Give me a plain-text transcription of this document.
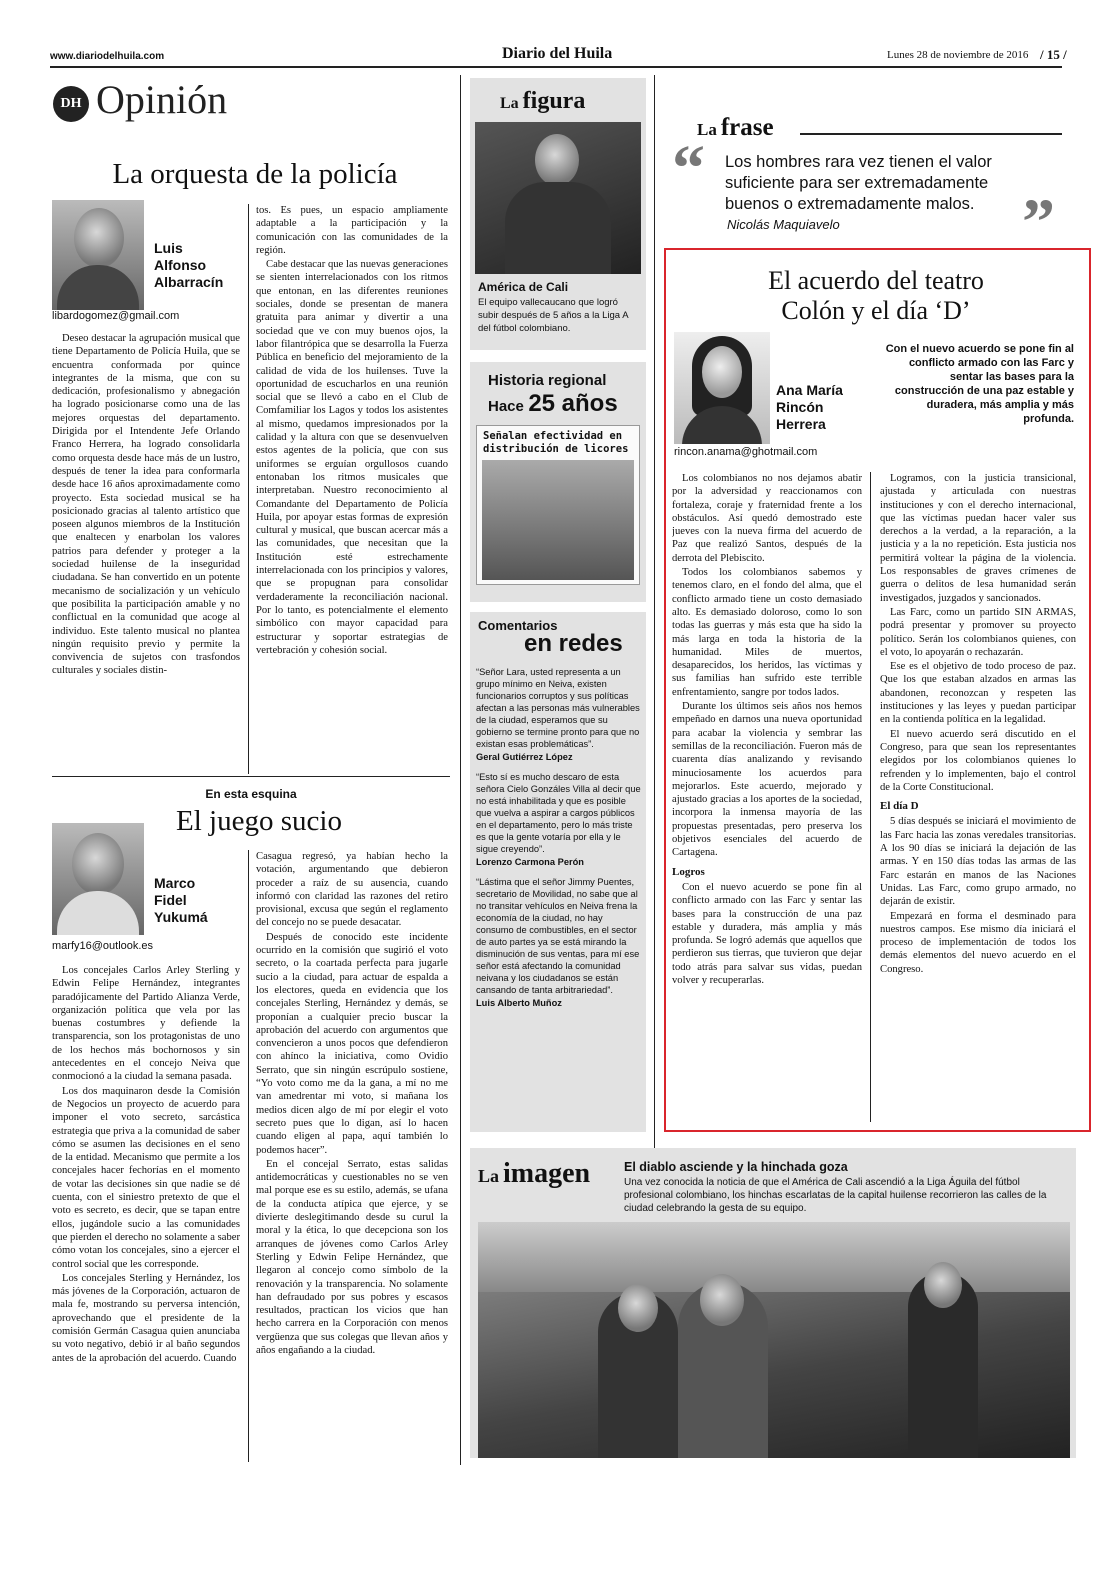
www.diariodelhuila.com	Diario del Huila	Lunes 28 de noviembre de 2016 / 15 /
DH Opinión
La orquesta de la policía
Luis
Alfonso
Albarracín
libardogomez@gmail.com

Deseo destacar la agrupación musical que tiene Departamento de Policía Huila, que se encuentra conformada por quince integrantes de la misma, que con su dedicación, profesionalismo y abnegación ha logrado posicionarse como una de las mejores orquestas del departamento. Dirigida por el Intendente Jefe Orlando Franco Herrera, ha logrado consolidarla como orquesta desde hace más de un lustro, después de tener la idea para conformarla desde hace 16 años aproximadamente como proyecto. Esta sociedad musical se ha posicionado gracias al talento artístico que poseen algunos miembros de la Institución que enaltecen y enarbolan los valores patrios para defender y proteger a la sociedad huilense de la inseguridad ciudadana. Se han convertido en un potente mecanismo de socialización y un vehículo que posibilita la participación amable y no conflictual en la comunidad que acoge al individuo. Este talento musical no plantea ningún requisito previo y permite la convivencia de sujetos con trasfondos culturales y sociales distin-

tos. Es pues, un espacio ampliamente adaptable a la participación y la comunicación con las comunidades de la región.

Cabe destacar que las nuevas generaciones se sienten interrelacionados con los ritmos que entonan, en las diferentes reuniones sociales, donde se presentan de manera gratuita para animar y divertir a una sociedad que ve con muy buenos ojos, la labor filantrópica que se desarrolla la Fuerza Pública en beneficio del mejoramiento de la calidad de vida de los huilenses. Tuve la oportunidad de escucharlos en una reunión social que se llevó a cabo en el Club de Comfamiliar los Lagos y todos los asistentes al mismo, quedamos impresionados por la calidad y la altura con que se desenvuelven estos agentes de la policía, que con sus uniformes se erguían orgullosos cuando entonaban los ritmos musicales que interpretaban. Nuestro reconocimiento al Comandante del Departamento de Policía Huila, por apoyar estas formas de expresión cultural y musical, que buscan acercar más a las comunidades, que necesitan que la Institución esté estrechamente interrelacionada con los principios y valores, que se propugnan para consolidar verdaderamente la reconciliación nacional. Por lo tanto, es potencialmente el elemento simbólico con mayor capacidad para estructurar y soportar estrategias de vertebración y cohesión social.

En esta esquina
El juego sucio
Marco
Fidel
Yukumá
marfy16@outlook.es

Los concejales Carlos Arley Sterling y Edwin Felipe Hernández, integrantes paradójicamente del Partido Alianza Verde, organización política que vela por las buenas costumbres y defiende la transparencia, son los protagonistas de uno de los hechos más bochornosos y sin antecedentes en el concejo Neiva que conmocionó a la ciudad la semana pasada.

Los dos maquinaron desde la Comisión de Negocios un proyecto de acuerdo para imponer el voto secreto, sarcástica estrategia que priva a la comunidad de saber cómo se asumen las decisiones en el seno de la entidad. Mecanismo que permite a los concejales hacer fechorías en el momento de votar las decisiones sin que nadie se dé cuenta, con el siniestro pretexto de que el voto es secreto, es decir, que se tapan entre ellos, jugándole sucio a las comunidades que pierden el derecho no solamente a saber cómo votan los concejales, sino a ejercer el control social que les corresponde.

Los concejales Sterling y Hernández, los más jóvenes de la Corporación, actuaron de mala fe, mostrando su perversa intención, aprovechando que el presidente de la comisión Germán Casagua quien anunciaba su voto negativo, debió ir al baño segundos antes de la aprobación del acuerdo. Cuando

Casagua regresó, ya habían hecho la votación, argumentando que debieron proceder a raíz de su ausencia, cuando informó con claridad las razones del retiro provisional, excusa que según el reglamento del concejo no se puede desacatar.

Después de conocido este incidente ocurrido en la comisión que sugirió el voto secreto, o la coartada perfecta para jugarle sucio a la ciudad, para actuar de espalda a los electores, queda en evidencia que los concejales Sterling, Hernández y demás, se proponían a cualquier precio buscar la aprobación del acuerdo con argumentos que convencieron a unos pocos que defendieron con ahínco la iniciativa, como Ovidio Serrato, que sin ningún escrúpulo sostiene, “Yo voto como me da la gana, a mí no me van amedrentar mi voto, si mañana los medios dicen algo de mí por elegir el voto secreto pues que lo digan, así lo hacen cuando eligen al papa, aquí también lo podemos hacer”.

En el concejal Serrato, estas salidas antidemocráticas y cuestionables no se ven mal porque ese es su estilo, además, se ufana de la conducta atípica que ejerce, y se divierte deslegitimando desde su curul la moral y la ética, lo que decepciona son los arranques de jóvenes como Carlos Arley Sterling y Edwin Felipe Hernández, que llegaron al concejo como símbolo de la renovación y la transparencia. No solamente han defraudado por sus pobres y escasos resultados, practican los vicios que han hecho carrera en la Corporación con menos vergüenza que sus colegas que llevan años y años engañando a la ciudad.

La figura
América de Cali
El equipo vallecaucano que logró subir después de 5 años a la Liga A del fútbol colombiano.
Historia regional
Hace 25 años
Señalan efectividad en distribución de licores
Comentarios
en redes
“Señor Lara, usted representa a un grupo mínimo en Neiva, existen funcionarios corruptos y sus políticas afectan a las personas más vulnerables de la ciudad, esperamos que su gobierno se termine pronto para que no existan esas problemáticas”.
Geral Gutiérrez López
“Esto sí es mucho descaro de esta señora Cielo Gonzáles Villa al decir que no está inhabilitada y que es posible que vuelva a aspirar a cargos públicos en el departamento, pero lo más triste es que la gente votaría por ella y le sigue creyendo”.
Lorenzo Carmona Perón
“Lástima que el señor Jimmy Puentes, secretario de Movilidad, no sabe que al no transitar vehículos en Neiva frena la economía de la ciudad, no hay consumo de combustibles, en el sector de auto partes ya se está mirando la disminución de sus ventas, para mí ese señor está afectando la comunidad neivana y los ciudadanos se están cansando de tanta arbitrariedad”.
Luis Alberto Muñoz
La frase
“ Los hombres rara vez tienen el valor suficiente para ser extremadamente buenos o extremadamente malos.
Nicolás Maquiavelo	”
El acuerdo del teatro
Colón y el día ‘D’
Ana María
Rincón
Herrera
Con el nuevo acuerdo se pone fin al conflicto armado con las Farc y sentar las bases para la construcción de una paz estable y duradera, más amplia y más profunda.
rincon.anama@ghotmail.com

Los colombianos no nos dejamos abatir por la adversidad y reaccionamos con fortaleza, coraje y fraternidad frente a los obstáculos. Así quedó demostrado este jueves con la nueva firma del acuerdo de Paz que realizó Santos, después de la derrota del Plebiscito.

Todos los colombianos sabemos y tenemos claro, en el fondo del alma, que el conflicto armado tiene un costo demasiado alto. Es demasiado doloroso, como lo son todas las guerras y más esta que ha sido la más larga en toda la historia de la humanidad. Miles de muertos, desaparecidos, los heridos, las víctimas y sus familias han sufrido este terrible enfrentamiento, sangre por todos lados.

Durante los últimos seis años nos hemos empeñado en darnos una nueva oportunidad para acabar la violencia y sembrar las semillas de la reconciliación. Fueron más de cuarenta días analizando y revisando minuciosamente los acuerdos para mejorarlos. Este acuerdo, mejorado y ajustado gracias a los aportes de la sociedad, incorpora la inmensa mayoría de las propuestas presentadas, pero preserva los objetivos esenciales del acuerdo de Cartagena.

Logros

Con el nuevo acuerdo se pone fin al conflicto armado con las Farc y sentar las bases para la construcción de una paz estable y duradera, más amplia y más profunda. Se logró además que aquellos que perdieron sus tierras, que tuvieron que dejar todo atrás para salvar sus vidas, puedan volver y recuperarlas.

Logramos, con la justicia transicional, ajustada y articulada con nuestras instituciones y con el derecho internacional, que las víctimas puedan hacer valer sus derechos a la verdad, a la reparación, a la justicia y a la no repetición. Esta justicia nos permitirá voltear la página de la violencia. Los responsables de graves crímenes de guerra o delitos de lesa humanidad serán investigados, juzgados y sancionados.

Las Farc, como un partido SIN ARMAS, podrá presentar y promover su proyecto político. Serán los colombianos quienes, con el voto, lo apoyarán o rechazarán.

Ese es el objetivo de todo proceso de paz. Que los que estaban alzados en armas las abandonen, reconozcan y respeten las instituciones y las leyes y puedan participar en la contienda política en la legalidad.

El nuevo acuerdo será discutido en el Congreso, para que sean los representantes elegidos por los colombianos quienes lo refrenden y lo implementen, bajo el control de la Corte Constitucional.

El día D

5 días después se iniciará el movimiento de las Farc hacia las zonas veredales transitorias. A los 90 días se iniciará la dejación de las armas. Y en 150 días todas las armas de las Farc estarán en manos de las Naciones Unidas. Las Farc, como grupo armado, no dejarán de existir.

Empezará en forma el desminado para nuestros campos. Ese mismo día iniciará el proceso de implementación de todos los demás elementos del nuevo acuerdo en el Congreso.

La imagen	El diablo asciende y la hinchada goza
Una vez conocida la noticia de que el América de Cali ascendió a la Liga Águila del fútbol profesional colombiano, los hinchas escarlatas de la capital huilense recorrieron las calles de la ciudad celebrando la gesta de su equipo.
